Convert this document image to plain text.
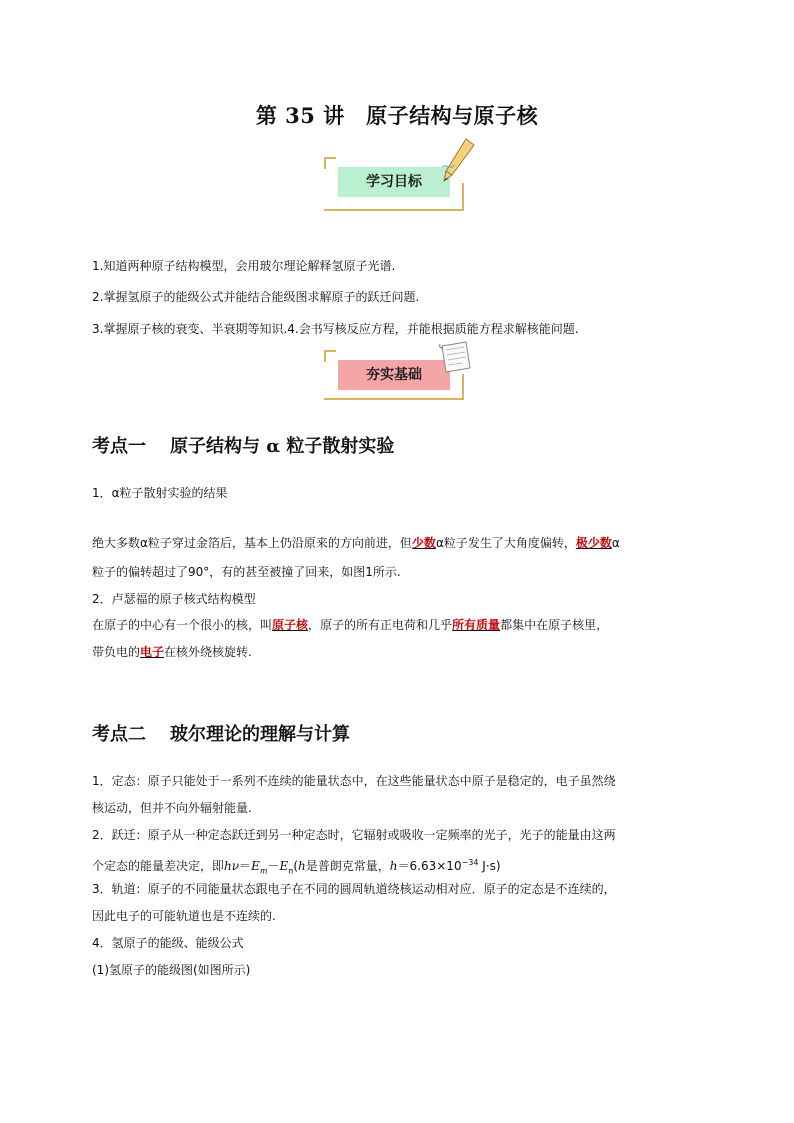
第 35 讲　原子结构与原子核
学习目标
1.知道两种原子结构模型，会用玻尔理论解释氢原子光谱.
2.掌握氢原子的能级公式并能结合能级图求解原子的跃迁问题.
3.掌握原子核的衰变、半衰期等知识.4.会书写核反应方程，并能根据质能方程求解核能问题.
夯实基础
考点一 原子结构与 α 粒子散射实验
1．α粒子散射实验的结果
绝大多数α粒子穿过金箔后，基本上仍沿原来的方向前进，但少数α粒子发生了大角度偏转，极少数α
粒子的偏转超过了90°，有的甚至被撞了回来，如图1所示.
2．卢瑟福的原子核式结构模型
在原子的中心有一个很小的核，叫原子核，原子的所有正电荷和几乎所有质量都集中在原子核里，
带负电的电子在核外绕核旋转.
考点二 玻尔理论的理解与计算
1．定态：原子只能处于一系列不连续的能量状态中，在这些能量状态中原子是稳定的，电子虽然绕
核运动，但并不向外辐射能量.
2．跃迁：原子从一种定态跃迁到另一种定态时，它辐射或吸收一定频率的光子，光子的能量由这两
个定态的能量差决定，即$h\nu=E_m-E_n(h$是普朗克常量，$h=6.63\times 10^{-34}$ J·s)
3．轨道：原子的不同能量状态跟电子在不同的圆周轨道绕核运动相对应．原子的定态是不连续的，
因此电子的可能轨道也是不连续的.
4．氢原子的能级、能级公式
(1)氢原子的能级图(如图所示)
